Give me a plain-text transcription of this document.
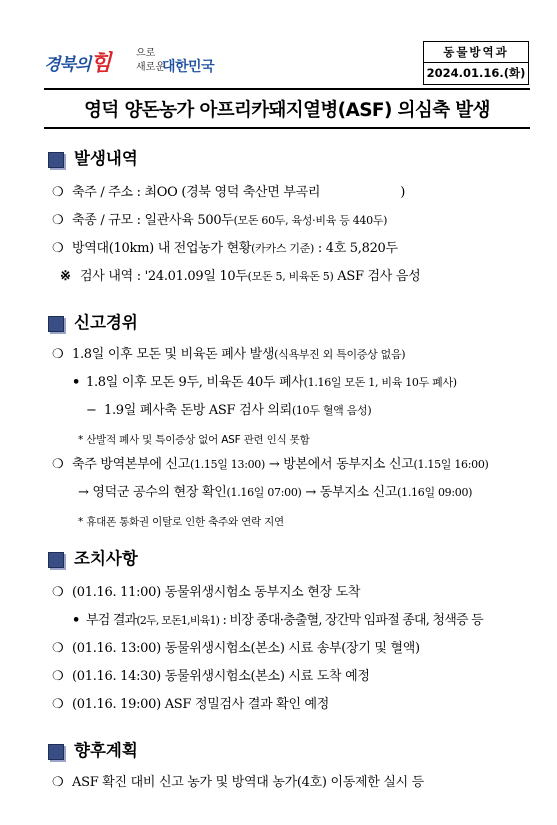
경북의힘	으로
새로운
대한민국
동물방역과
2024.01.16.(화)
영덕 양돈농가 아프리카돼지열병(ASF) 의심축 발생
발생내역
❍ 축주 / 주소 : 최OO (경북 영덕 축산면 부곡리	)
❍ 축종 / 규모 : 일관사육 500두(모돈 60두, 육성·비육 등 440두)
❍ 방역대(10km) 내 전업농가 현황(카카스 기준) : 4호 5,820두
※ 검사 내역 : '24.01.09일 10두(모돈 5, 비육돈 5) ASF 검사 음성
신고경위
❍ 1.8일 이후 모돈 및 비육돈 폐사 발생(식욕부진 외 특이증상 없음)
• 1.8일 이후 모돈 9두, 비육돈 40두 폐사(1.16일 모돈 1, 비육 10두 폐사)
− 1.9일 폐사축 돈방 ASF 검사 의뢰(10두 혈액 음성)
* 산발적 폐사 및 특이증상 없어 ASF 관련 인식 못함
❍ 축주 방역본부에 신고(1.15일 13:00) → 방본에서 동부지소 신고(1.15일 16:00)
→ 영덕군 공수의 현장 확인(1.16일 07:00) → 동부지소 신고(1.16일 09:00)
* 휴대폰 통화권 이탈로 인한 축주와 연락 지연
조치사항
❍ (01.16. 11:00) 동물위생시험소 동부지소 현장 도착
• 부검 결과(2두, 모돈1,비육1) : 비장 종대·충출혈, 장간막 임파절 종대, 청색증 등
❍ (01.16. 13:00) 동물위생시험소(본소) 시료 송부(장기 및 혈액)
❍ (01.16. 14:30) 동물위생시험소(본소) 시료 도착 예정
❍ (01.16. 19:00) ASF 정밀검사 결과 확인 예정
향후계획
❍ ASF 확진 대비 신고 농가 및 방역대 농가(4호) 이동제한 실시 등
